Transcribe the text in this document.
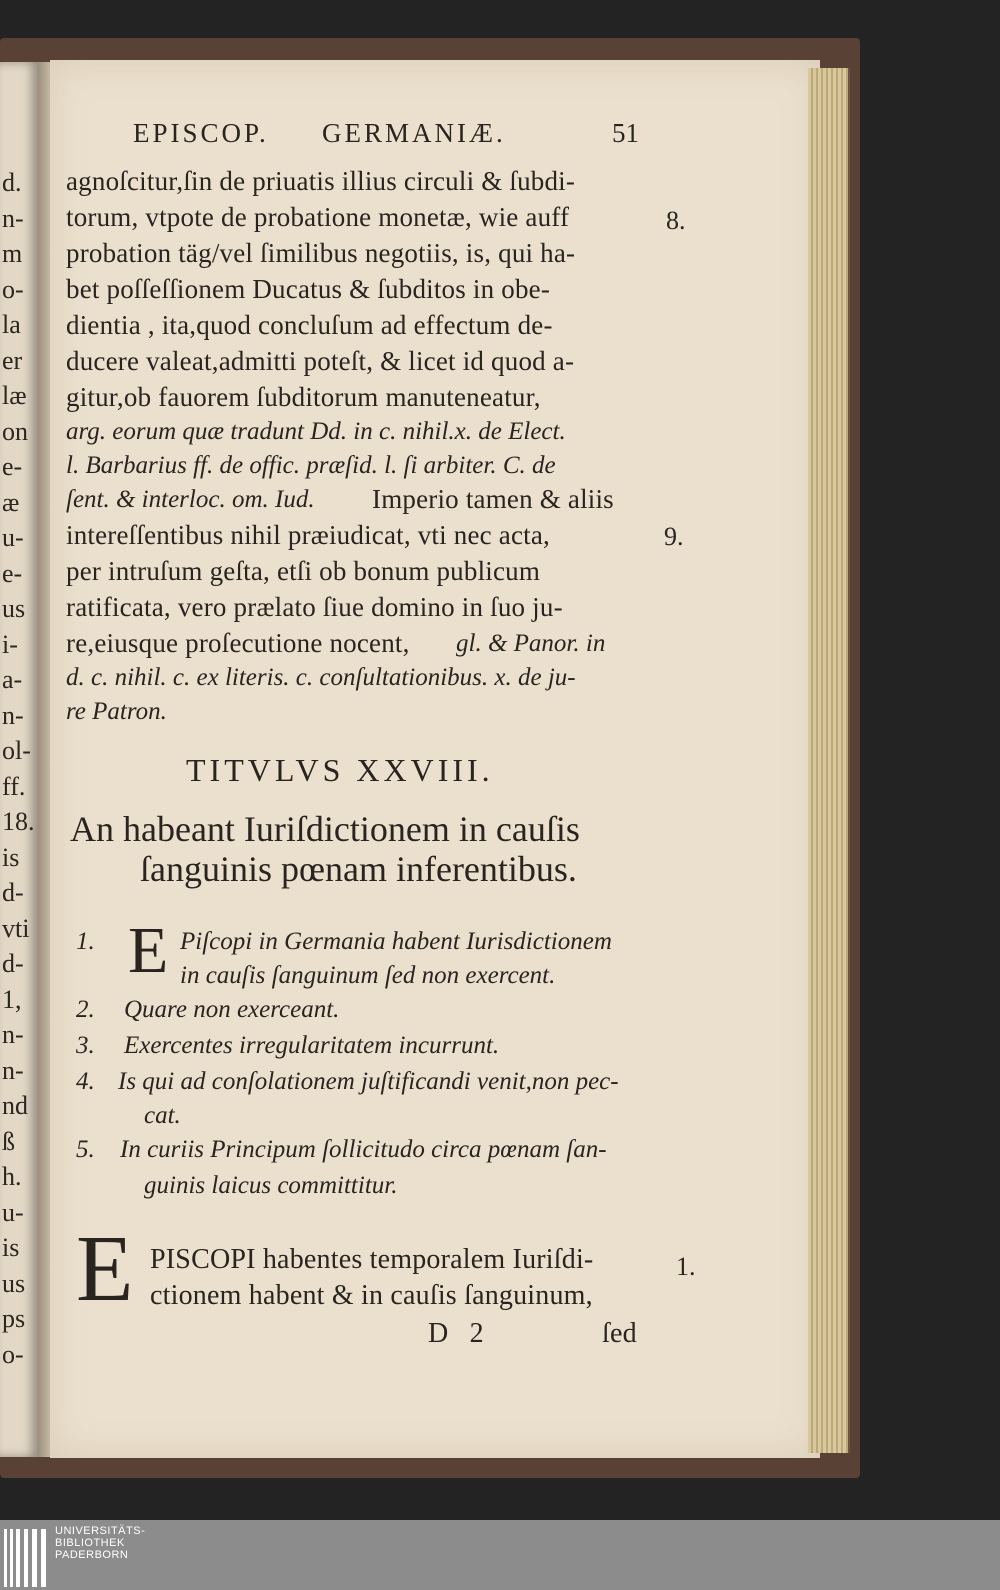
d.
n-
m
o-
la
er
læ
on
e-
æ
u-
e-
us
i-
a-
n-
ol-
ff.
18.
is
d-
vti
d-
1,
n-
n-
nd
ß
h.
u-
is
us
ps
o-
EPISCOP. GERMANIÆ.	51
agnoſcitur,ſin de priuatis illius circuli & ſubdi-
torum, vtpote de probatione monetæ, wie auff
probation täg/vel ſimilibus negotiis, is, qui ha-
bet poſſeſſionem Ducatus & ſubditos in obe-
dientia , ita,quod concluſum ad effectum de-
ducere valeat,admitti poteſt, & licet id quod a-
gitur,ob fauorem ſubditorum manuteneatur,
arg. eorum quæ tradunt Dd. in c. nihil.x. de Elect.
l. Barbarius ff. de offic. præſid. l. ſi arbiter. C. de
ſent. & interloc. om. Iud. Imperio tamen & aliis
intereſſentibus nihil præiudicat, vti nec acta,
per intruſum geſta, etſi ob bonum publicum
ratificata, vero prælato ſiue domino in ſuo ju-
re,eiusque proſecutione nocent, gl. & Panor. in
d. c. nihil. c. ex literis. c. conſultationibus. x. de ju-
re Patron.
8.
9.
TITVLVS XXVIII.
An habeant Iuriſdictionem in cauſis
ſanguinis pœnam inferentibus.
1. E Piſcopi in Germania habent Iurisdictionem
in cauſis ſanguinum ſed non exercent.
2. Quare non exerceant.
3. Exercentes irregularitatem incurrunt.
4. Is qui ad conſolationem juſtificandi venit,non pec-
cat.
5. In curiis Principum ſollicitudo circa pœnam ſan-
guinis laicus committitur.
E PISCOPI habentes temporalem Iuriſdi-
ctionem habent & in cauſis ſanguinum,
1.
D 2	ſed
UNIVERSITÄTS-
BIBLIOTHEK
PADERBORN
